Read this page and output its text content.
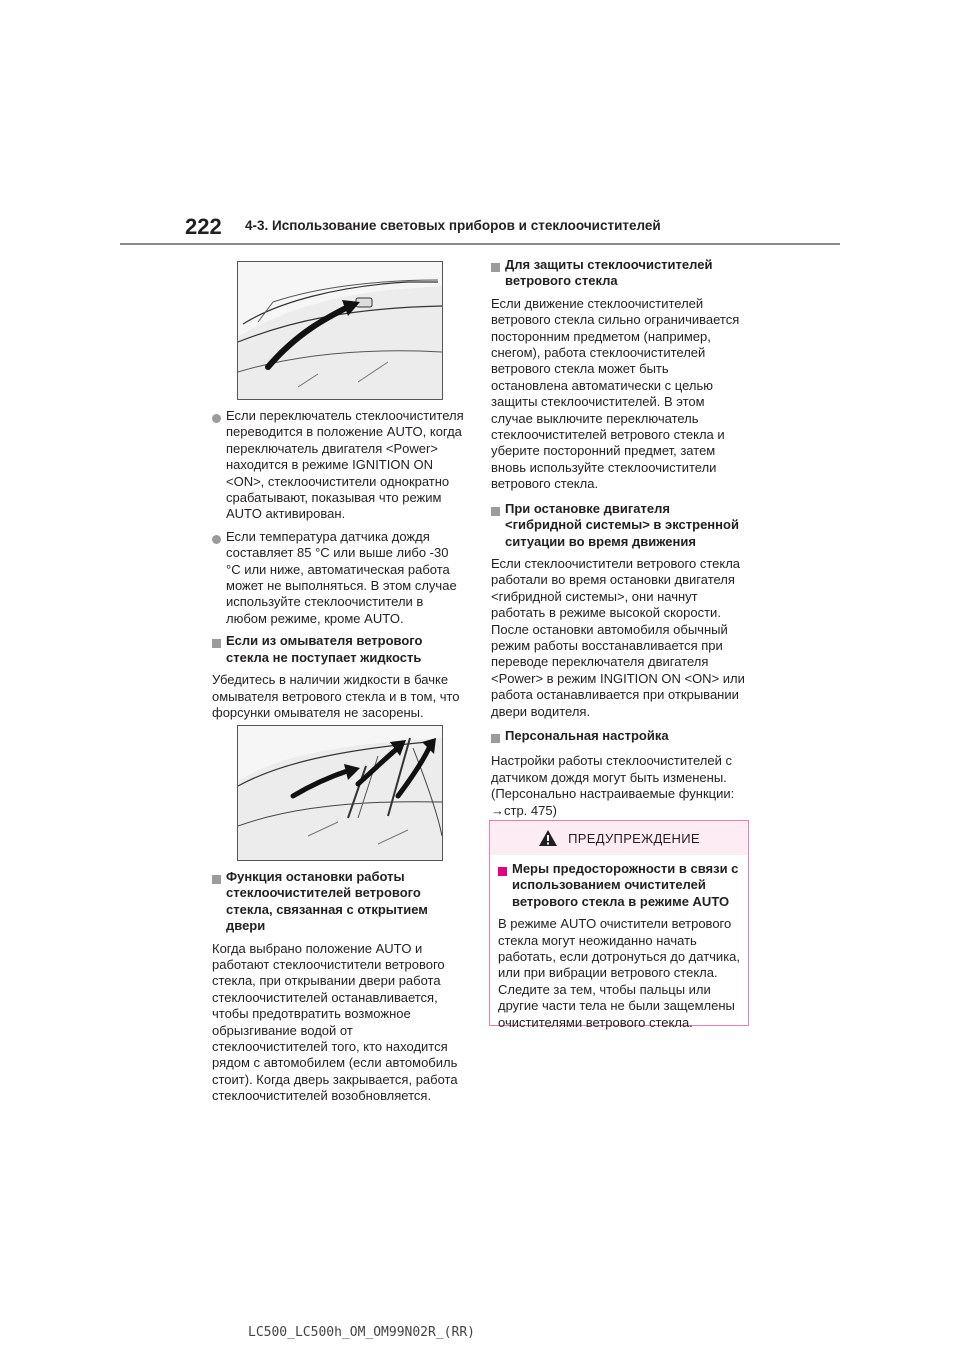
222 4-3. Использование световых приборов и стеклоочистителей
Если переключатель стеклоочистителя переводится в положение AUTO, когда переключатель двигателя <Power> находится в режиме IGNITION ON <ON>, стеклоочистители однократно срабатывают, показывая что режим AUTO активирован.
Если температура датчика дождя составляет 85 °C или выше либо -30 °C или ниже, автоматическая работа может не выполняться. В этом случае используйте стеклоочистители в любом режиме, кроме AUTO.
Если из омывателя ветрового стекла не поступает жидкость
Убедитесь в наличии жидкости в бачке омывателя ветрового стекла и в том, что форсунки омывателя не засорены.
Функция остановки работы стеклоочистителей ветрового стекла, связанная с открытием двери
Когда выбрано положение AUTO и работают стеклоочистители ветрового стекла, при открывании двери работа стеклоочистителей останавливается, чтобы предотвратить возможное обрызгивание водой от стеклоочистителей того, кто находится рядом с автомобилем (если автомобиль стоит). Когда дверь закрывается, работа стеклоочистителей возобновляется.
Для защиты стеклоочистителей ветрового стекла
Если движение стеклоочистителей ветрового стекла сильно ограничивается посторонним предметом (например, снегом), работа стеклоочистителей ветрового стекла может быть остановлена автоматически с целью защиты стеклоочистителей. В этом случае выключите переключатель стеклоочистителей ветрового стекла и уберите посторонний предмет, затем вновь используйте стеклоочистители ветрового стекла.
При остановке двигателя <гибридной системы> в экстренной ситуации во время движения
Если стеклоочистители ветрового стекла работали во время остановки двигателя <гибридной системы>, они начнут работать в режиме высокой скорости. После остановки автомобиля обычный режим работы восстанавливается при переводе переключателя двигателя <Power> в режим INGITION ON <ON> или работа останавливается при открывании двери водителя.
Персональная настройка
Настройки работы стеклоочистителей с датчиком дождя могут быть изменены. (Персонально настраиваемые функции:
→стр. 475)
ПРЕДУПРЕЖДЕНИЕ
Меры предосторожности в связи с использованием очистителей ветрового стекла в режиме AUTO
В режиме AUTO очистители ветрового стекла могут неожиданно начать работать, если дотронуться до датчика, или при вибрации ветрового стекла. Следите за тем, чтобы пальцы или другие части тела не были защемлены очистителями ветрового стекла.
LC500_LC500h_OM_OM99N02R_(RR)
